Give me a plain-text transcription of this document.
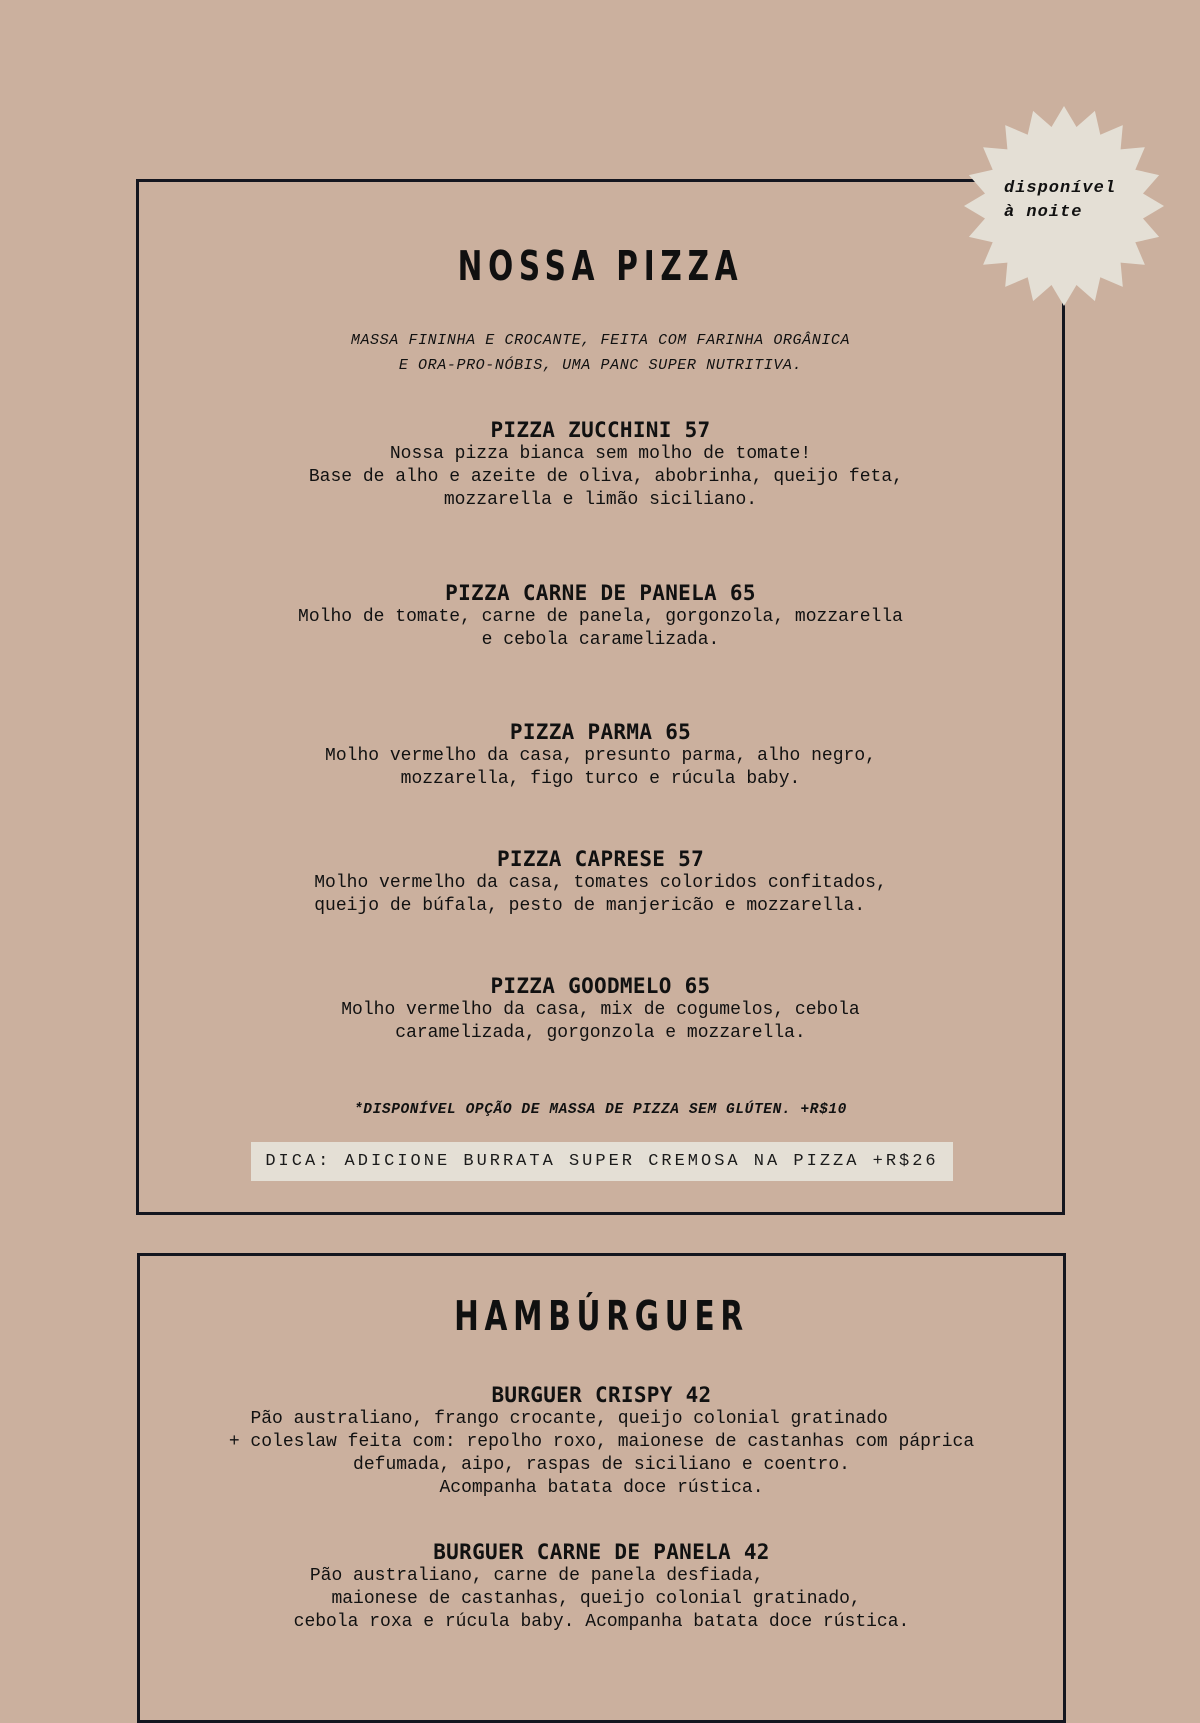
NOSSA PIZZA

MASSA FININHA E CROCANTE, FEITA COM FARINHA ORGÂNICA
E ORA-PRO-NÓBIS, UMA PANC SUPER NUTRITIVA.

PIZZA ZUCCHINI 57

Nossa pizza bianca sem molho de tomate!
Base de alho e azeite de oliva, abobrinha, queijo feta,
mozzarella e limão siciliano.

PIZZA CARNE DE PANELA 65

Molho de tomate, carne de panela, gorgonzola, mozzarella
e cebola caramelizada.

PIZZA PARMA 65

Molho vermelho da casa, presunto parma, alho negro,
mozzarella, figo turco e rúcula baby.

PIZZA CAPRESE 57

Molho vermelho da casa, tomates coloridos confitados,
queijo de búfala, pesto de manjericão e mozzarella.

PIZZA GOODMELO 65

Molho vermelho da casa, mix de cogumelos, cebola
caramelizada, gorgonzola e mozzarella.

*DISPONÍVEL OPÇÃO DE MASSA DE PIZZA SEM GLÚTEN. +R$10

DICA: ADICIONE BURRATA SUPER CREMOSA NA PIZZA +R$26

disponível
à noite

HAMBÚRGUER

BURGUER CRISPY 42

Pão australiano, frango crocante, queijo colonial gratinado
+ coleslaw feita com: repolho roxo, maionese de castanhas com páprica
defumada, aipo, raspas de siciliano e coentro.
Acompanha batata doce rústica.

BURGUER CARNE DE PANELA 42

Pão australiano, carne de panela desfiada,
maionese de castanhas, queijo colonial gratinado,
cebola roxa e rúcula baby. Acompanha batata doce rústica.
